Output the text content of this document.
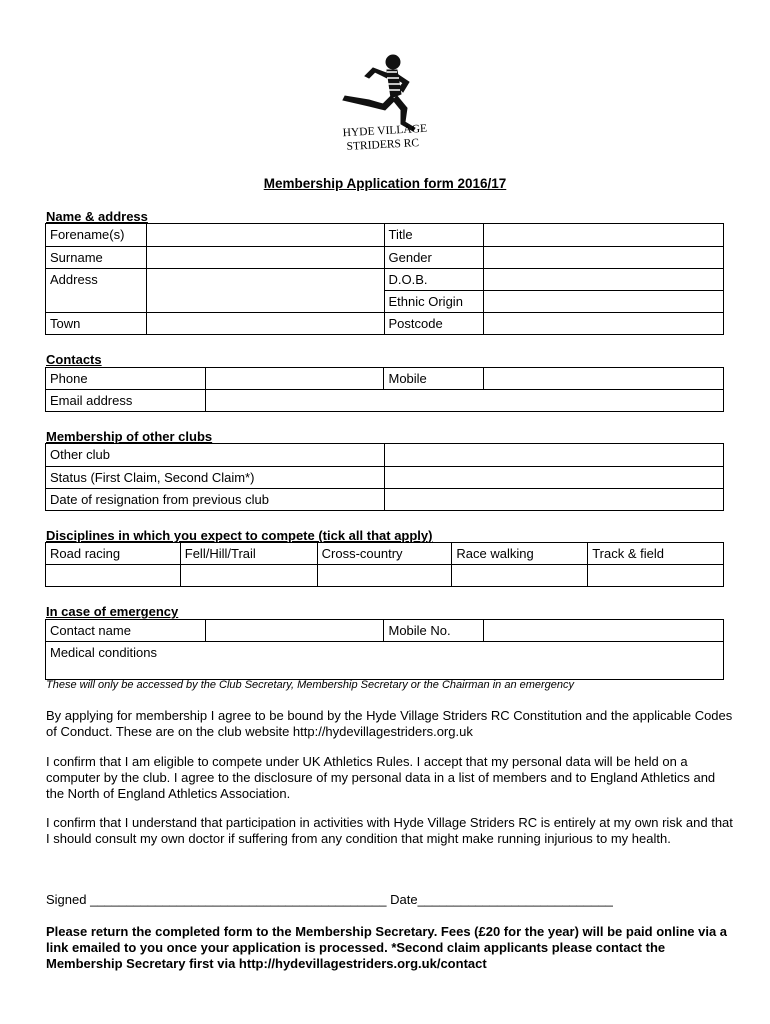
HYDE VILLAGE
STRIDERS RC
Membership Application form 2016/17
Name & address
Forename(s)		Title	
Surname		Gender	
Address		D.O.B.	
		Ethnic Origin	
Town		Postcode	
Contacts
Phone		Mobile	
Email address			
Membership of other clubs
Other club	
Status (First Claim, Second Claim*)	
Date of resignation from previous club	
Disciplines in which you expect to compete (tick all that apply)
Road racing	Fell/Hill/Trail	Cross-country	Race walking	Track & field

In case of emergency
Contact name		Mobile No.	
Medical conditions
These will only be accessed by the Club Secretary, Membership Secretary or the Chairman in an emergency

By applying for membership I agree to be bound by the Hyde Village Striders RC Constitution and the applicable Codes of Conduct. These are on the club website http://hydevillagestriders.org.uk

I confirm that I am eligible to compete under UK Athletics Rules. I accept that my personal data will be held on a computer by the club. I agree to the disclosure of my personal data in a list of members and to England Athletics and the North of England Athletics Association.

I confirm that I understand that participation in activities with Hyde Village Striders RC is entirely at my own risk and that I should consult my own doctor if suffering from any condition that might make running injurious to my health.

Signed _________________________________________ Date___________________________

Please return the completed form to the Membership Secretary. Fees (£20 for the year) will be paid online via a link emailed to you once your application is processed. *Second claim applicants please contact the Membership Secretary first via http://hydevillagestriders.org.uk/contact
